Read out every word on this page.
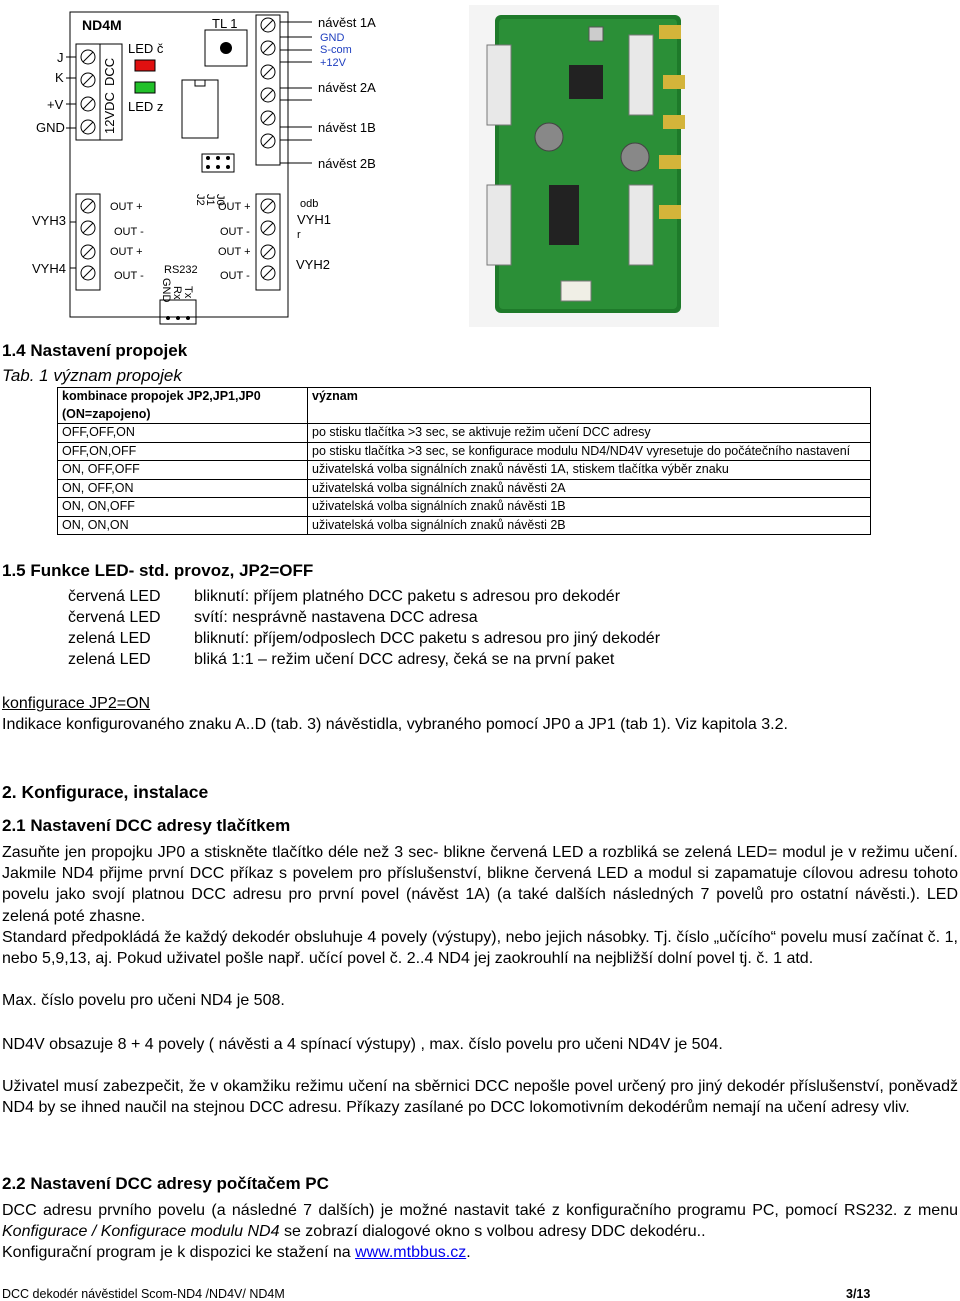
ND4M	TL 1
LED č
LED z
J
K
+V
GND
VYH3
VYH4
DCC
12VDC
návěst 1A
GND
S-com
+12V
návěst 2A
návěst 1B
návěst 2B
J0
J1
J2
OUT +
OUT -
OUT +
OUT -
OUT +
OUT -
OUT +
OUT -
RS232
Tx
Rx
GND
odb
VYH1
r
VYH2
1.4 Nastavení propojek
Tab. 1 význam propojek
kombinace propojek JP2,JP1,JP0 (ON=zapojeno)	význam
OFF,OFF,ON	po stisku tlačítka >3 sec, se aktivuje režim učení DCC adresy
OFF,ON,OFF	po stisku tlačítka >3 sec, se konfigurace modulu ND4/ND4V vyresetuje do počátečního nastavení
ON, OFF,OFF	uživatelská volba signálních znaků návěsti 1A, stiskem tlačítka výběr znaku
ON, OFF,ON	uživatelská volba signálních znaků návěsti 2A
ON, ON,OFF	uživatelská volba signálních znaků návěsti 1B
ON, ON,ON	uživatelská volba signálních znaků návěsti 2B
1.5 Funkce LED- std. provoz, JP2=OFF
červená LED bliknutí: příjem platného DCC paketu s adresou pro dekodér
červená LED svítí: nesprávně nastavena DCC adresa
zelená LED	bliknutí: příjem/odposlech DCC paketu s adresou pro jiný dekodér
zelená LED	bliká 1:1 – režim učení DCC adresy, čeká se na první paket
konfigurace JP2=ON
Indikace konfigurovaného znaku A..D (tab. 3) návěstidla, vybraného pomocí JP0 a JP1 (tab 1). Viz kapitola 3.2.
2. Konfigurace, instalace
2.1 Nastavení DCC adresy tlačítkem
Zasuňte jen propojku JP0 a stiskněte tlačítko déle než 3 sec- blikne červená LED a rozbliká se zelená LED= modul je v režimu učení. Jakmile ND4 přijme první DCC příkaz s povelem pro příslušenství, blikne červená LED a modul si zapamatuje cílovou adresu tohoto povelu jako svojí platnou DCC adresu pro první povel (návěst 1A) (a také dalších následných 7 povelů pro ostatní návěsti.). LED zelená poté zhasne.
Standard předpokládá že každý dekodér obsluhuje 4 povely (výstupy), nebo jejich násobky. Tj. číslo „učícího“ povelu musí začínat č. 1, nebo 5,9,13, aj. Pokud uživatel pošle např. učící povel č. 2..4 ND4 jej zaokrouhlí na nejbližší dolní povel tj. č. 1 atd.
Max. číslo povelu pro učeni ND4 je 508.
ND4V obsazuje 8 + 4 povely ( návěsti a 4 spínací výstupy) , max. číslo povelu pro učeni ND4V je 504.
Uživatel musí zabezpečit, že v okamžiku režimu učení na sběrnici DCC nepošle povel určený pro jiný dekodér příslušenství, poněvadž ND4 by se ihned naučil na stejnou DCC adresu. Příkazy zasílané po DCC lokomotivním dekodérům nemají na učení adresy vliv.
2.2 Nastavení DCC adresy počítačem PC
DCC adresu prvního povelu (a následné 7 dalších) je možné nastavit také z konfiguračního programu PC, pomocí RS232. z menu Konfigurace / Konfigurace modulu ND4 se zobrazí dialogové okno s volbou adresy DDC dekodéru..
Konfigurační program je k dispozici ke stažení na www.mtbbus.cz.
DCC dekodér návěstidel Scom-ND4 /ND4V/ ND4M	3/13
